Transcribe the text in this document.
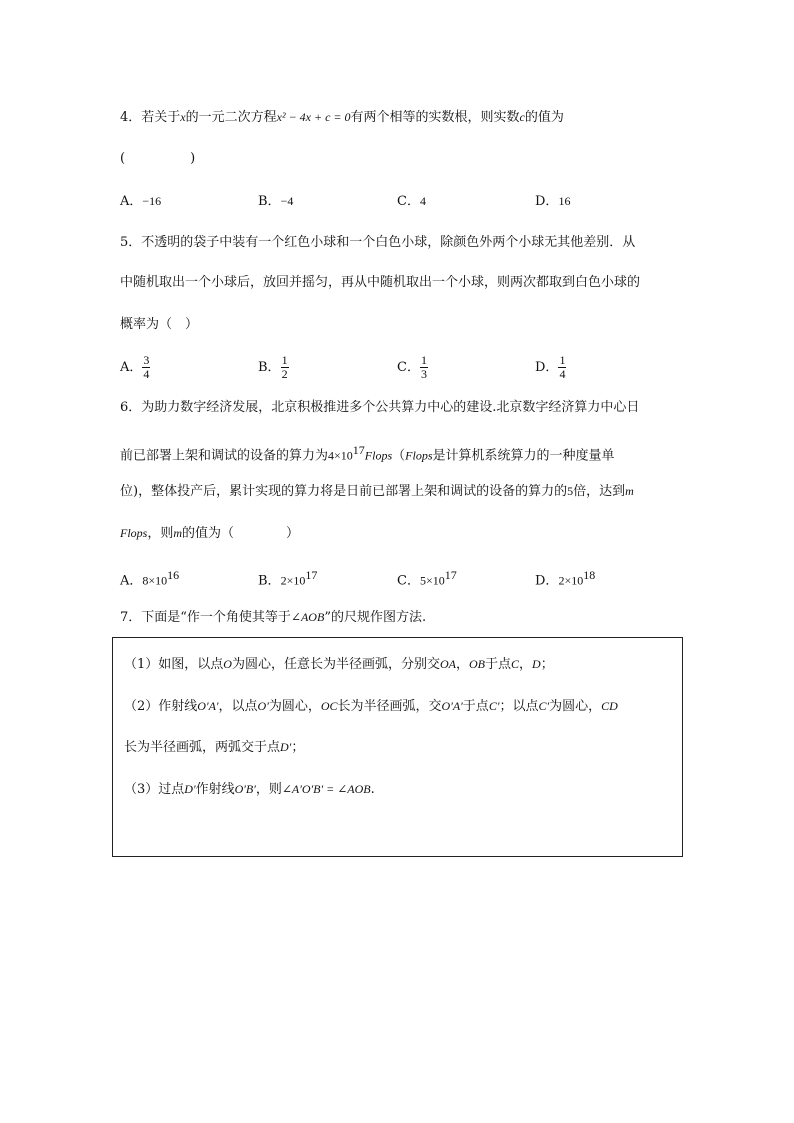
4．若关于x的一元二次方程x² − 4x + c = 0有两个相等的实数根，则实数c的值为
(　　　　　)
A．−16	B．−4	C．4	D．16
5．不透明的袋子中装有一个红色小球和一个白色小球，除颜色外两个小球无其他差别．从
中随机取出一个小球后，放回并摇匀，再从中随机取出一个小球，则两次都取到白色小球的
概率为（　）
A． $\frac{3}{4}$	B． $\frac{1}{2}$	C． $\frac{1}{3}$	D． $\frac{1}{4}$
6．为助力数字经济发展，北京积极推进多个公共算力中心的建设.北京数字经济算力中心日
前已部署上架和调试的设备的算力为$4\times 10^{17}Flops(Flops$是计算机系统算力的一种度量单
位)，整体投产后，累计实现的算力将是日前已部署上架和调试的设备的算力的5倍，达到m
Flops，则m的值为（　　　　）
A．$8\times 10^{16}$	B．$2\times 10^{17}$	C．$5\times 10^{17}$	D．$2\times 10^{18}$
7．下面是“作一个角使其等于∠AOB”的尺规作图方法.
（1）如图，以点O为圆心，任意长为半径画弧，分别交OA，OB于点C，D；
（2）作射线O′A′，以点O′为圆心，OC长为半径画弧，交O′A′于点C′；以点C′为圆心，CD
长为半径画弧，两弧交于点D′；
（3）过点D′作射线O′B′，则∠A′O′B′ = ∠AOB.
